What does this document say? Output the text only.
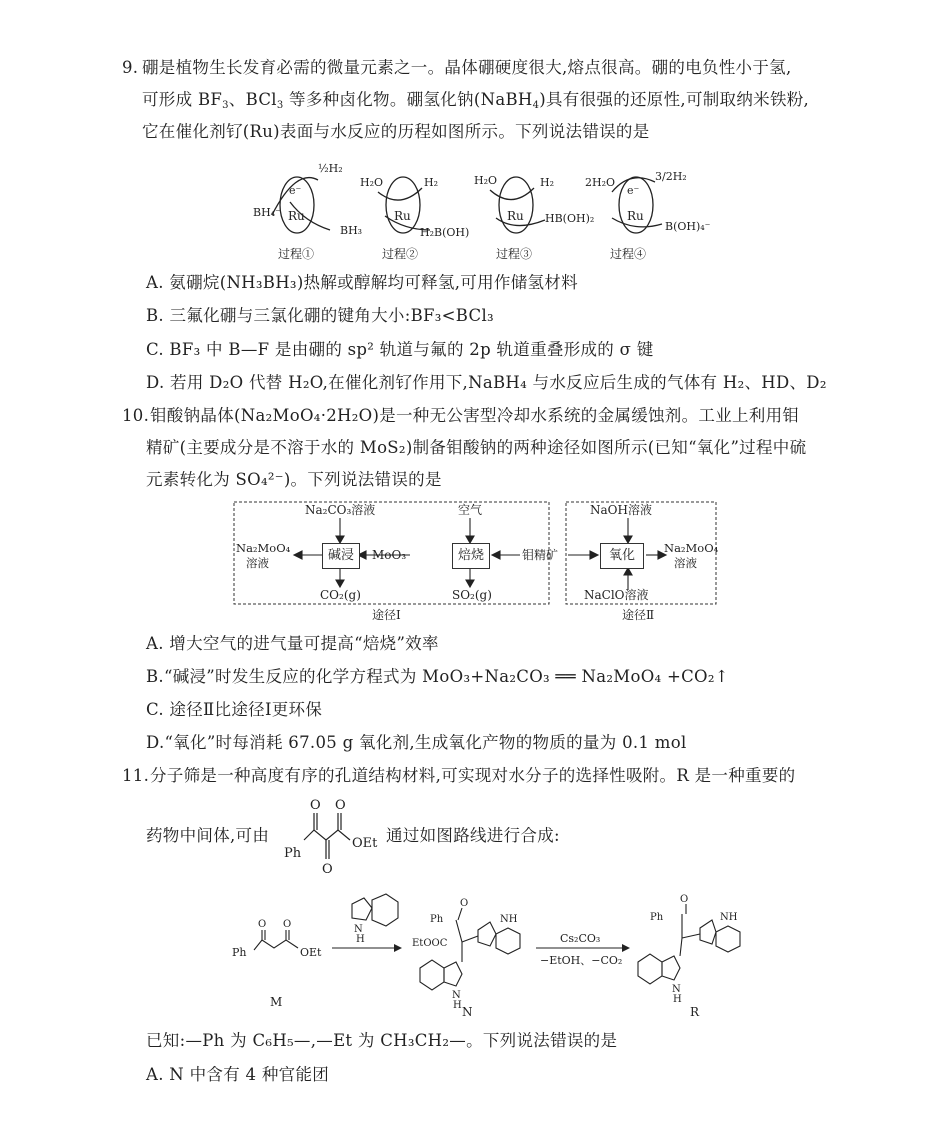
9. 硼是植物生长发育必需的微量元素之一。晶体硼硬度很大,熔点很高。硼的电负性小于氢,
可形成 $BF_3$、BCl$_3$ 等多种卤化物。硼氢化钠(NaBH$_4$)具有很强的还原性,可制取纳米铁粉,
它在催化剂钌(Ru)表面与水反应的历程如图所示。下列说法错误的是
Ru	Ru	Ru	Ru
e⁻	e⁻
½H₂
BH₄⁻
BH₃
H₂O	H₂
H₂B(OH)
H₂O	H₂
HB(OH)₂
2H₂O	3/2H₂
B(OH)₄⁻
过程①	过程②	过程③	过程④
A. 氨硼烷(NH₃BH₃)热解或醇解均可释氢,可用作储氢材料
B. 三氟化硼与三氯化硼的键角大小:BF₃<BCl₃
C. BF₃ 中 B—F 是由硼的 sp² 轨道与氟的 2p 轨道重叠形成的 σ 键
D. 若用 D₂O 代替 H₂O,在催化剂钌作用下,NaBH₄ 与水反应后生成的气体有 H₂、HD、D₂
10. 钼酸钠晶体(Na₂MoO₄·2H₂O)是一种无公害型冷却水系统的金属缓蚀剂。工业上利用钼
精矿(主要成分是不溶于水的 MoS₂)制备钼酸钠的两种途径如图所示(已知“氧化”过程中硫
元素转化为 SO₄²⁻)。下列说法错误的是
Na₂CO₃溶液	空气	NaOH溶液
Na₂MoO₄
溶液
MoO₃	钼精矿	Na₂MoO₄
溶液
CO₂(g)	SO₂(g)	NaClO溶液
途径Ⅰ	途径Ⅱ
碱浸	焙烧	氧化
A. 增大空气的进气量可提高“焙烧”效率
B.“碱浸”时发生反应的化学方程式为 MoO₃+Na₂CO₃ ══ Na₂MoO₄ +CO₂↑
C. 途径Ⅱ比途径Ⅰ更环保
D.“氧化”时每消耗 67.05 g 氧化剂,生成氧化产物的物质的量为 0.1 mol
11. 分子筛是一种高度有序的孔道结构材料,可实现对水分子的选择性吸附。R 是一种重要的
药物中间体,可由	通过如图路线进行合成:
O O
O
Ph
OEt
O O
Ph	OEt
M
H
N
O
Ph
EtOOC
NH
N
H N
Cs₂CO₃
−EtOH、−CO₂
O
Ph	NH
N
H
R
已知:—Ph 为 C₆H₅—,—Et 为 CH₃CH₂—。下列说法错误的是
A. N 中含有 4 种官能团
